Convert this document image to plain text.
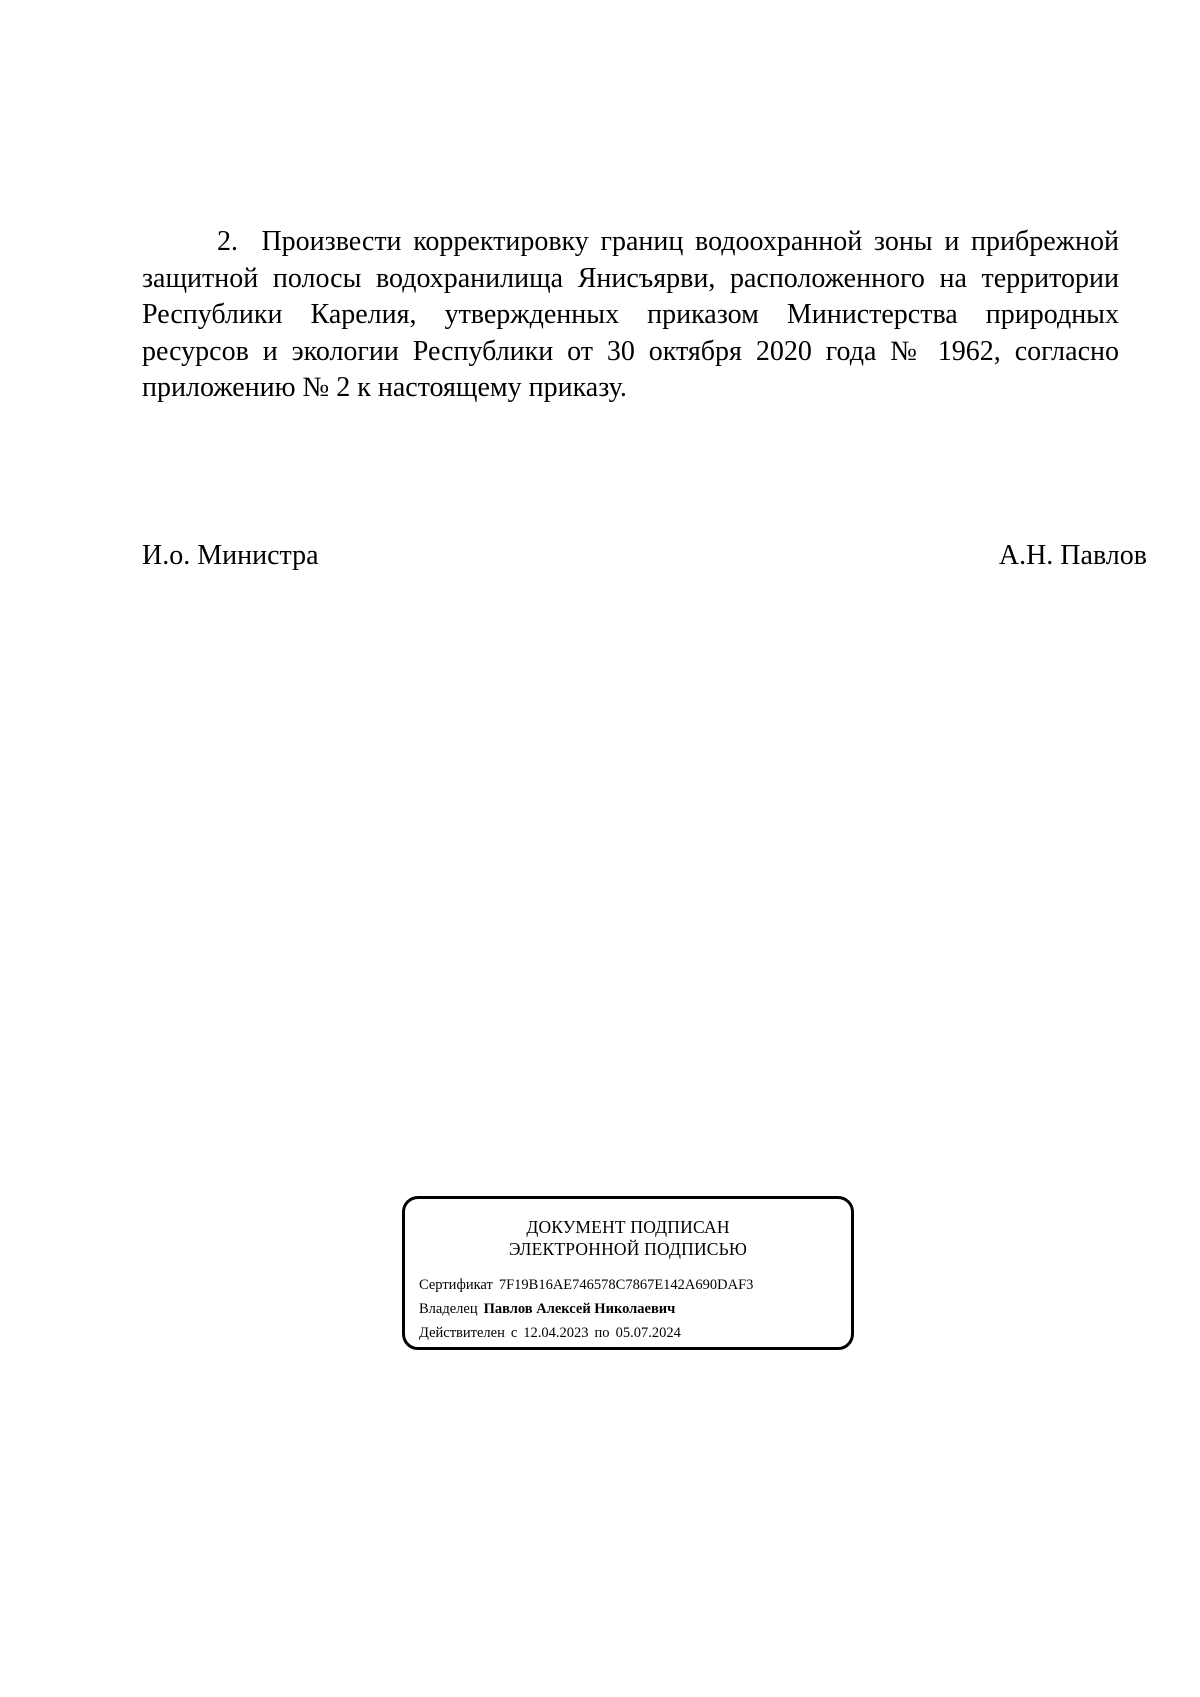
2.  Произвести корректировку границ водоохранной зоны и прибрежной защитной полосы водохранилища Янисъярви, расположенного на территории Республики Карелия, утвержденных приказом Министерства природных ресурсов и экологии Республики от 30 октября 2020 года № 1962, согласно приложению № 2 к настоящему приказу.

И.о. Министра	А.Н. Павлов

ДОКУМЕНТ ПОДПИСАН
ЭЛЕКТРОННОЙ ПОДПИСЬЮ
Сертификат 7F19B16AE746578C7867E142A690DAF3
Владелец Павлов Алексей Николаевич
Действителен с 12.04.2023 по 05.07.2024
